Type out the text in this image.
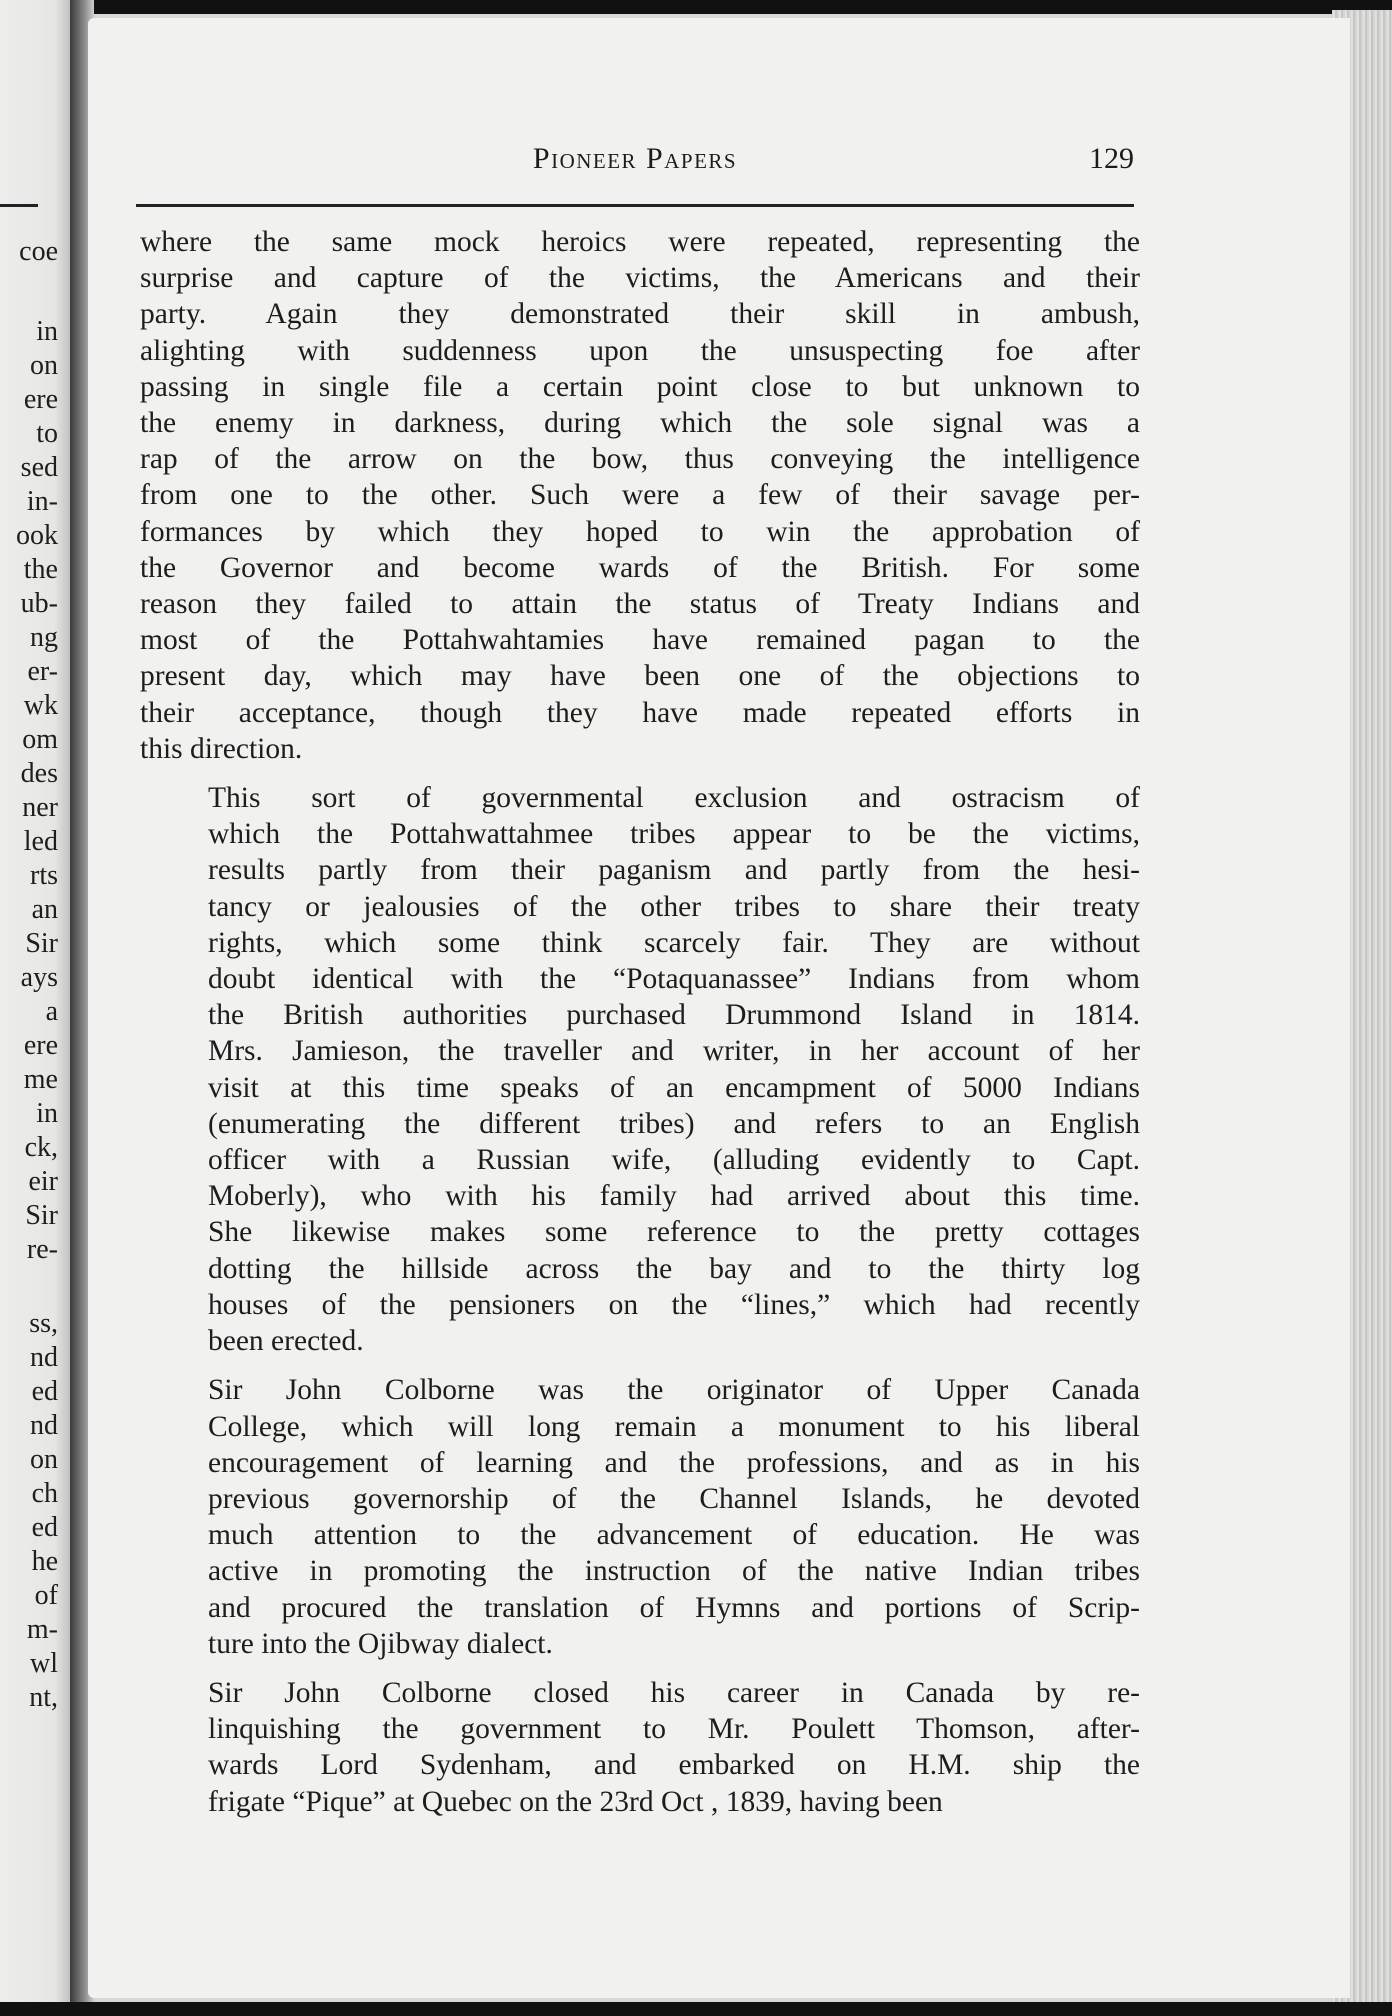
coe
in
on
ere
to
sed
in-
ook
the
ub-
ng
er-
wk
om
des
ner
led
rts
an
Sir
ays
a
ere
me
in
ck,
eir
Sir
re-
ss,
nd
ed
nd
on
ch
ed
he
of
m-
wl
nt,
Pioneer Papers	129

where the same mock heroics were repeated, representing the
surprise and capture of the victims, the Americans and their
party. Again they demonstrated their skill in ambush,
alighting with suddenness upon the unsuspecting foe after
passing in single file a certain point close to but unknown to
the enemy in darkness, during which the sole signal was a
rap of the arrow on the bow, thus conveying the intelligence
from one to the other. Such were a few of their savage per-
formances by which they hoped to win the approbation of
the Governor and become wards of the British. For some
reason they failed to attain the status of Treaty Indians and
most of the Pottahwahtamies have remained pagan to the
present day, which may have been one of the objections to
their acceptance, though they have made repeated efforts in
this direction.

This sort of governmental exclusion and ostracism of
which the Pottahwattahmee tribes appear to be the victims,
results partly from their paganism and partly from the hesi-
tancy or jealousies of the other tribes to share their treaty
rights, which some think scarcely fair. They are without
doubt identical with the “Potaquanassee” Indians from whom
the British authorities purchased Drummond Island in 1814.
Mrs. Jamieson, the traveller and writer, in her account of her
visit at this time speaks of an encampment of 5000 Indians
(enumerating the different tribes) and refers to an English
officer with a Russian wife, (alluding evidently to Capt.
Moberly), who with his family had arrived about this time.
She likewise makes some reference to the pretty cottages
dotting the hillside across the bay and to the thirty log
houses of the pensioners on the “lines,” which had recently
been erected.

Sir John Colborne was the originator of Upper Canada
College, which will long remain a monument to his liberal
encouragement of learning and the professions, and as in his
previous governorship of the Channel Islands, he devoted
much attention to the advancement of education. He was
active in promoting the instruction of the native Indian tribes
and procured the translation of Hymns and portions of Scrip-
ture into the Ojibway dialect.

Sir John Colborne closed his career in Canada by re-
linquishing the government to Mr. Poulett Thomson, after-
wards Lord Sydenham, and embarked on H.M. ship the
frigate “Pique” at Quebec on the 23rd Oct , 1839, having been
